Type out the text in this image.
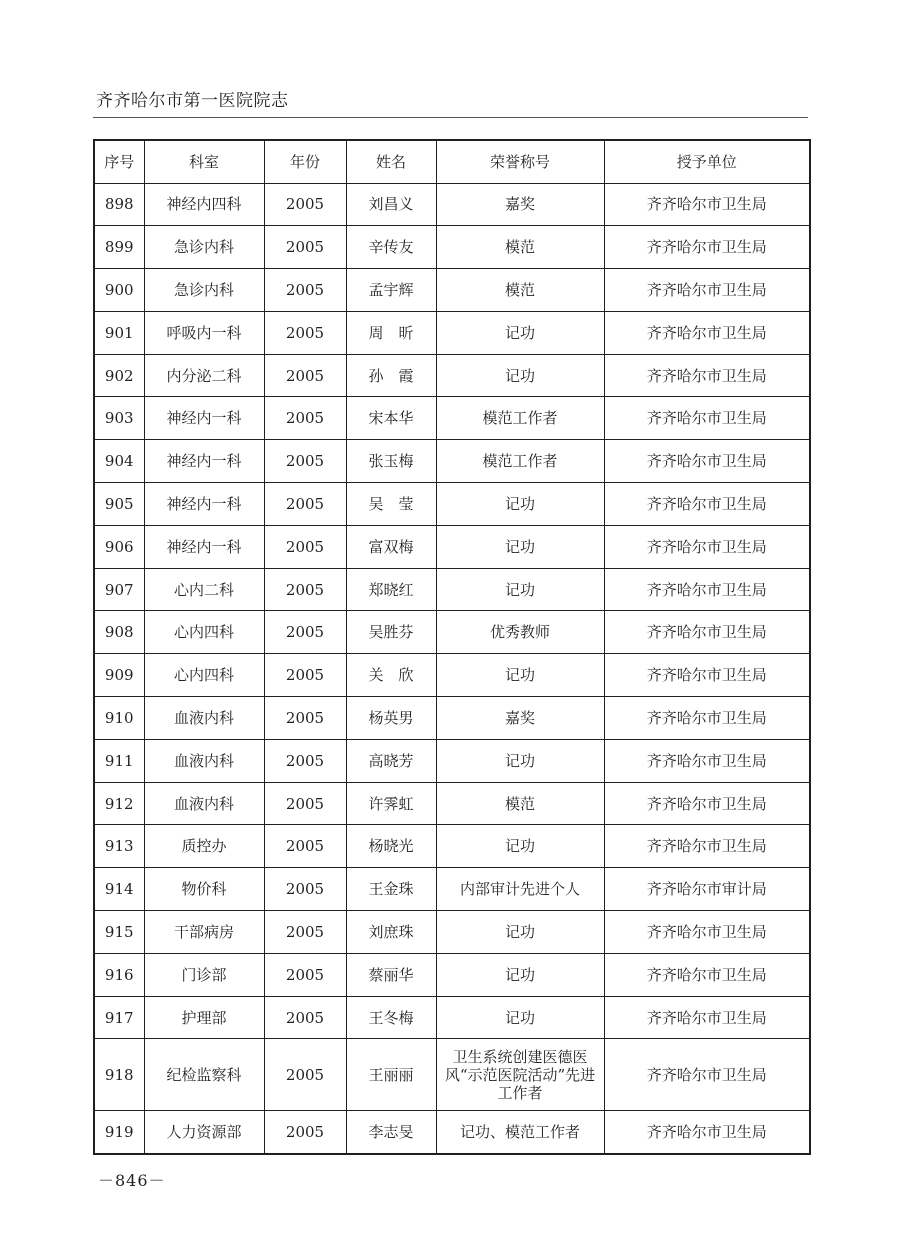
齐齐哈尔市第一医院院志
序号	科室	年份	姓名	荣誉称号	授予单位
898	神经内四科	2005	刘昌义	嘉奖	齐齐哈尔市卫生局
899	急诊内科	2005	辛传友	模范	齐齐哈尔市卫生局
900	急诊内科	2005	孟宇辉	模范	齐齐哈尔市卫生局
901	呼吸内一科	2005	周　昕	记功	齐齐哈尔市卫生局
902	内分泌二科	2005	孙　霞	记功	齐齐哈尔市卫生局
903	神经内一科	2005	宋本华	模范工作者	齐齐哈尔市卫生局
904	神经内一科	2005	张玉梅	模范工作者	齐齐哈尔市卫生局
905	神经内一科	2005	吴　莹	记功	齐齐哈尔市卫生局
906	神经内一科	2005	富双梅	记功	齐齐哈尔市卫生局
907	心内二科	2005	郑晓红	记功	齐齐哈尔市卫生局
908	心内四科	2005	吴胜芬	优秀教师	齐齐哈尔市卫生局
909	心内四科	2005	关　欣	记功	齐齐哈尔市卫生局
910	血液内科	2005	杨英男	嘉奖	齐齐哈尔市卫生局
911	血液内科	2005	高晓芳	记功	齐齐哈尔市卫生局
912	血液内科	2005	许霁虹	模范	齐齐哈尔市卫生局
913	质控办	2005	杨晓光	记功	齐齐哈尔市卫生局
914	物价科	2005	王金珠	内部审计先进个人	齐齐哈尔市审计局
915	干部病房	2005	刘庶珠	记功	齐齐哈尔市卫生局
916	门诊部	2005	蔡丽华	记功	齐齐哈尔市卫生局
917	护理部	2005	王冬梅	记功	齐齐哈尔市卫生局
918	纪检监察科	2005	王丽丽	卫生系统创建医德医风“示范医院活动”先进工作者	齐齐哈尔市卫生局
919	人力资源部	2005	李志旻	记功、模范工作者	齐齐哈尔市卫生局
－846－
